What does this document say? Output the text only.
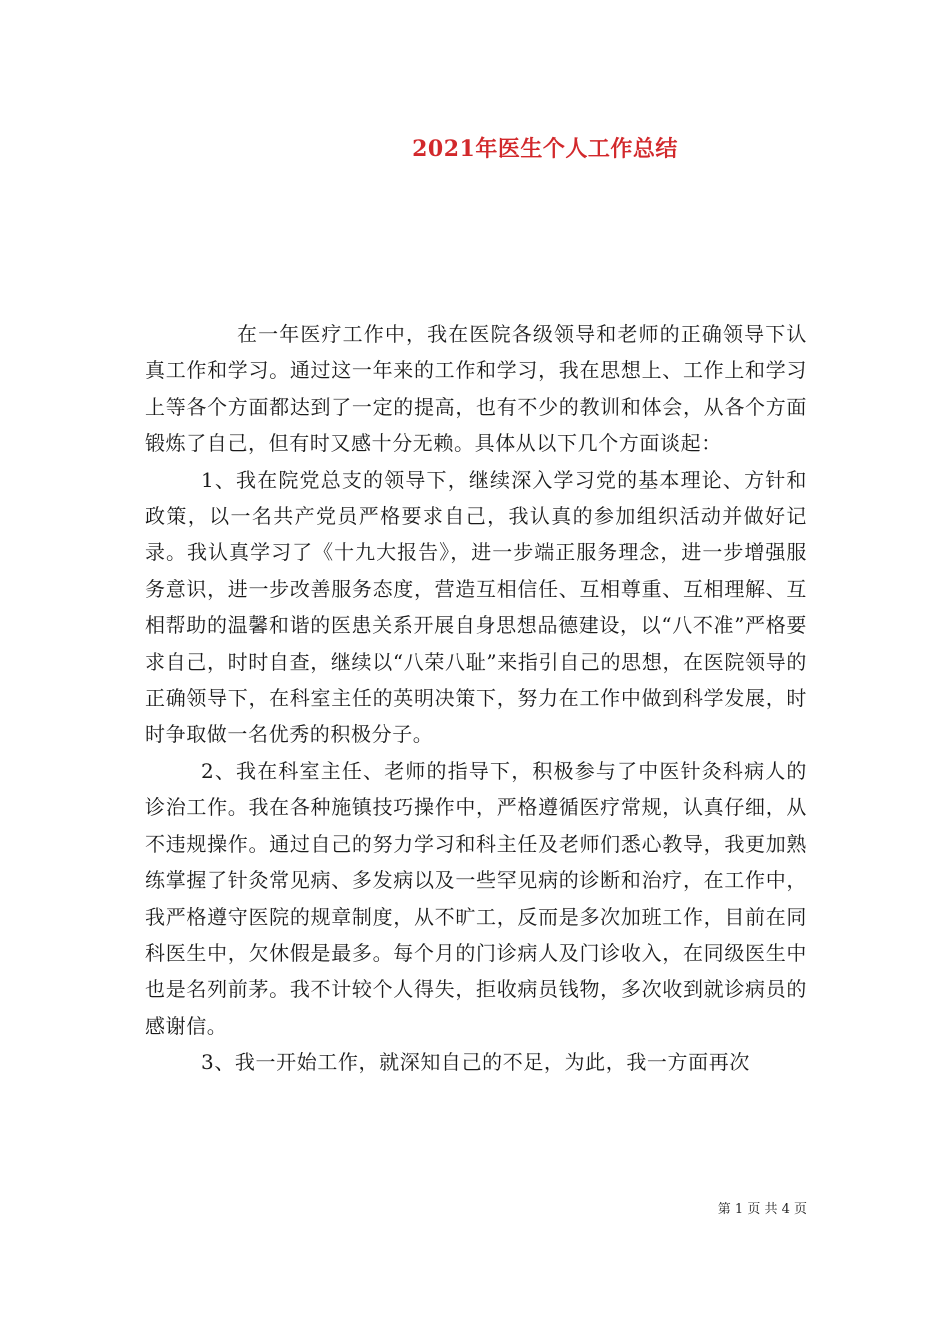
2021年医生个人工作总结

在一年医疗工作中，我在医院各级领导和老师的正确领导下认真工作和学习。通过这一年来的工作和学习，我在思想上、工作上和学习上等各个方面都达到了一定的提高，也有不少的教训和体会，从各个方面锻炼了自己，但有时又感十分无赖。具体从以下几个方面谈起：

1、我在院党总支的领导下，继续深入学习党的基本理论、方针和政策，以一名共产党员严格要求自己，我认真的参加组织活动并做好记录。我认真学习了《十九大报告》，进一步端正服务理念，进一步增强服务意识，进一步改善服务态度，营造互相信任、互相尊重、互相理解、互相帮助的温馨和谐的医患关系开展自身思想品德建设，以“八不准”严格要求自己，时时自查，继续以“八荣八耻”来指引自己的思想，在医院领导的正确领导下，在科室主任的英明决策下，努力在工作中做到科学发展，时时争取做一名优秀的积极分子。

2、我在科室主任、老师的指导下，积极参与了中医针灸科病人的诊治工作。我在各种施镇技巧操作中，严格遵循医疗常规，认真仔细，从不违规操作。通过自己的努力学习和科主任及老师们悉心教导，我更加熟练掌握了针灸常见病、多发病以及一些罕见病的诊断和治疗，在工作中，我严格遵守医院的规章制度，从不旷工，反而是多次加班工作，目前在同科医生中，欠休假是最多。每个月的门诊病人及门诊收入，在同级医生中也是名列前茅。我不计较个人得失，拒收病员钱物，多次收到就诊病员的感谢信。

3、我一开始工作，就深知自己的不足，为此，我一方面再次

第 1 页 共 4 页
